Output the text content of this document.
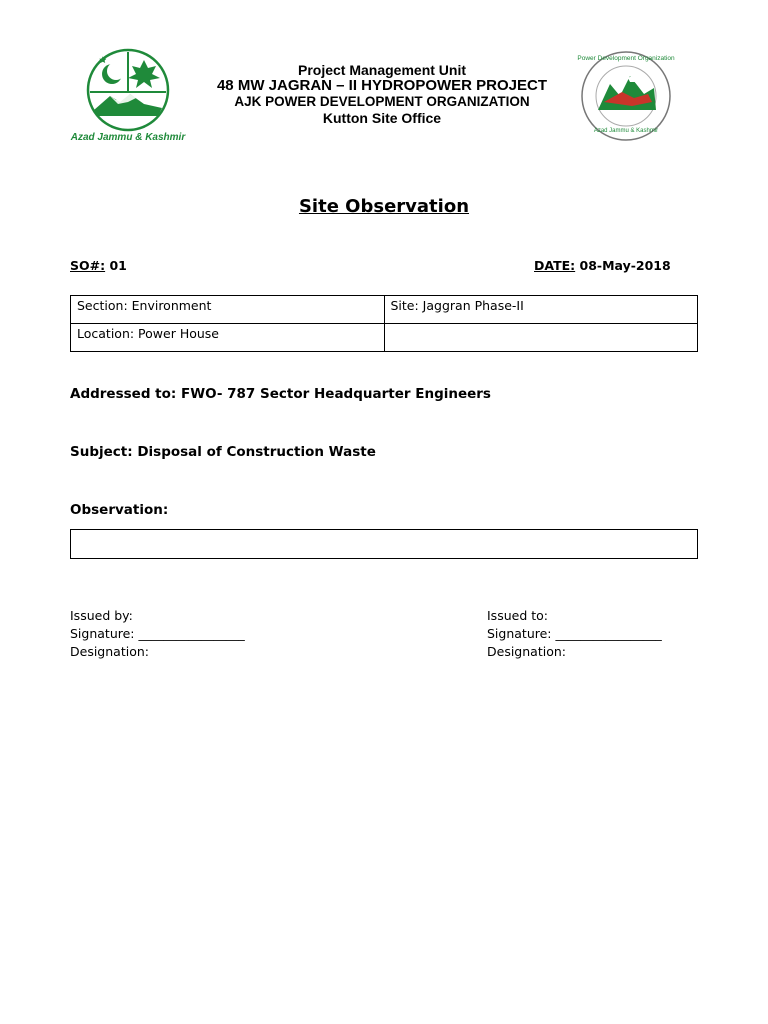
Azad Jammu & Kashmir
Project Management Unit
48 MW JAGRAN – II HYDROPOWER PROJECT
AJK POWER DEVELOPMENT ORGANIZATION
Kutton Site Office
Power Development Organization
Azad Jammu & Kashmir
Site Observation
SO#: 01	DATE: 08-May-2018
Section: Environment	Site: Jaggran Phase-II
Location: Power House	
Addressed to: FWO- 787 Sector Headquarter Engineers
Subject: Disposal of Construction Waste
Observation:
Issued by:
Signature: _________________
Designation:
Issued to:
Signature: _________________
Designation:
